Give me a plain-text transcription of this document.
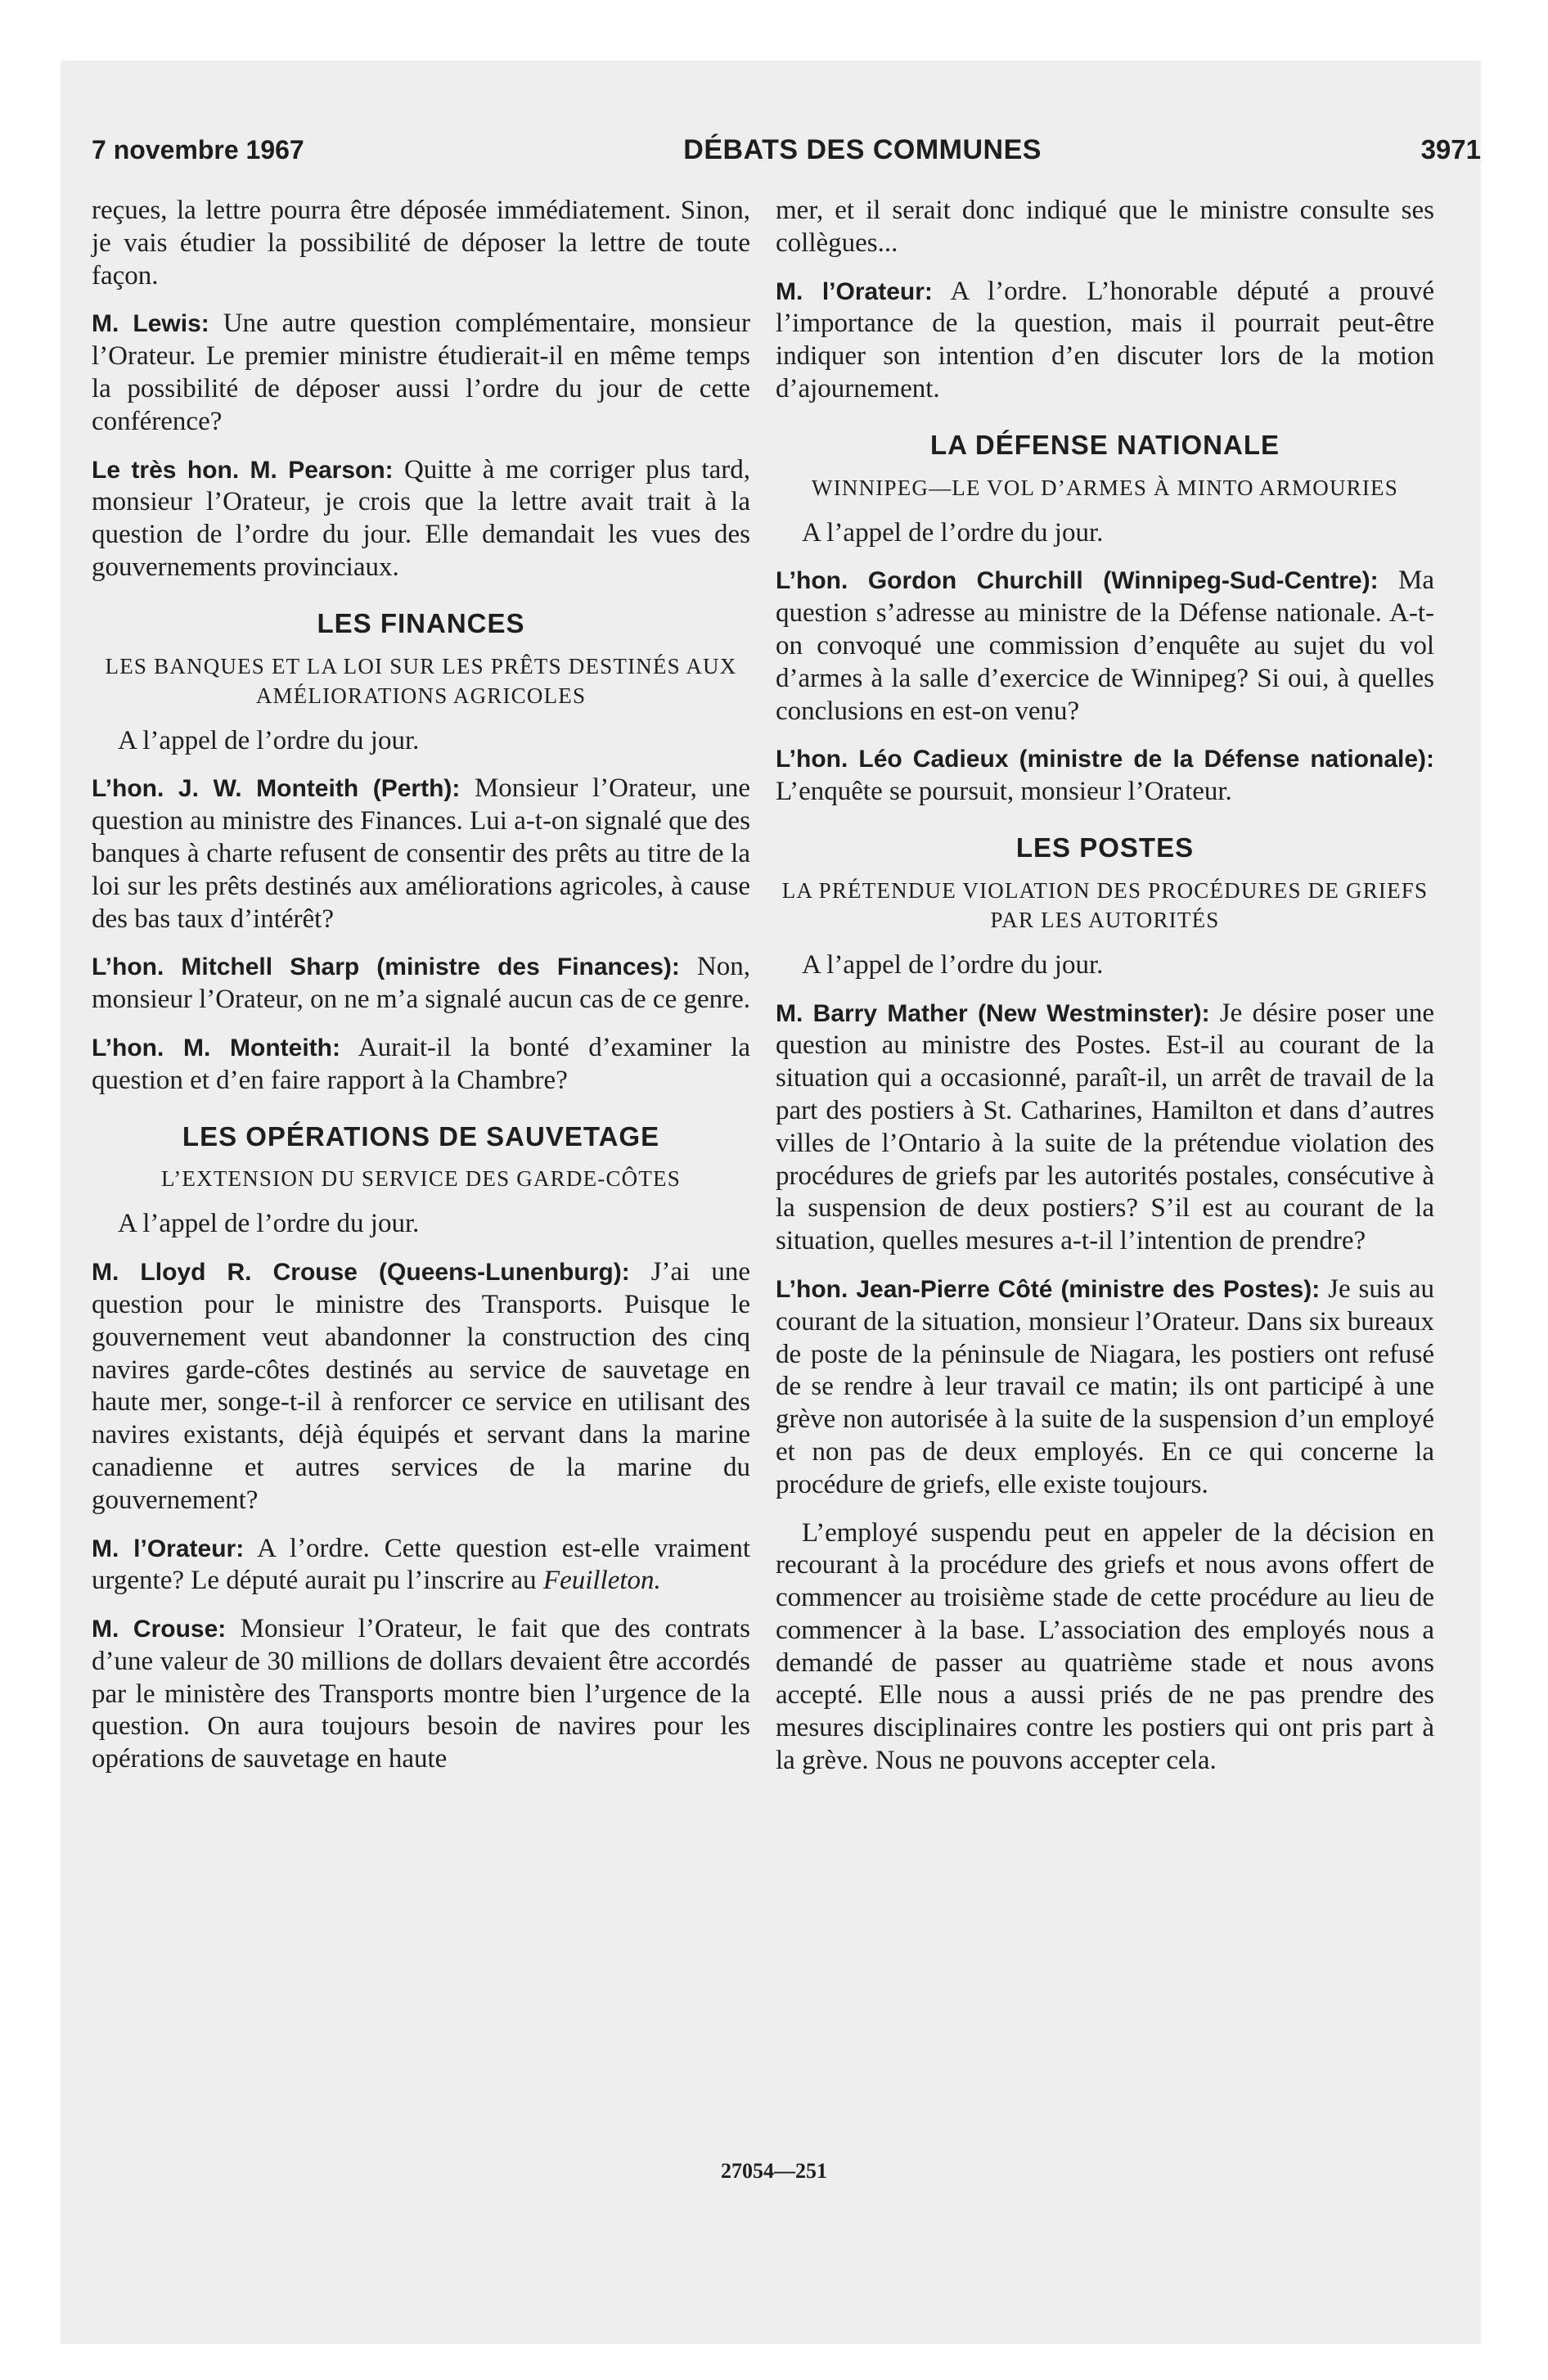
7 novembre 1967	DÉBATS DES COMMUNES	3971

reçues, la lettre pourra être déposée immédiatement. Sinon, je vais étudier la possibilité de déposer la lettre de toute façon.

M. Lewis: Une autre question complémentaire, monsieur l’Orateur. Le premier ministre étudierait-il en même temps la possibilité de déposer aussi l’ordre du jour de cette conférence?

Le très hon. M. Pearson: Quitte à me corriger plus tard, monsieur l’Orateur, je crois que la lettre avait trait à la question de l’ordre du jour. Elle demandait les vues des gouvernements provinciaux.

LES FINANCES
LES BANQUES ET LA LOI SUR LES PRÊTS DESTINÉS AUX AMÉLIORATIONS AGRICOLES

A l’appel de l’ordre du jour.

L’hon. J. W. Monteith (Perth): Monsieur l’Orateur, une question au ministre des Finances. Lui a-t-on signalé que des banques à charte refusent de consentir des prêts au titre de la loi sur les prêts destinés aux améliorations agricoles, à cause des bas taux d’intérêt?

L’hon. Mitchell Sharp (ministre des Finances): Non, monsieur l’Orateur, on ne m’a signalé aucun cas de ce genre.

L’hon. M. Monteith: Aurait-il la bonté d’examiner la question et d’en faire rapport à la Chambre?

LES OPÉRATIONS DE SAUVETAGE
L’EXTENSION DU SERVICE DES GARDE-CÔTES

A l’appel de l’ordre du jour.

M. Lloyd R. Crouse (Queens-Lunenburg): J’ai une question pour le ministre des Transports. Puisque le gouvernement veut abandonner la construction des cinq navires garde-côtes destinés au service de sauvetage en haute mer, songe-t-il à renforcer ce service en utilisant des navires existants, déjà équipés et servant dans la marine canadienne et autres services de la marine du gouvernement?

M. l’Orateur: A l’ordre. Cette question est-elle vraiment urgente? Le député aurait pu l’inscrire au Feuilleton.

M. Crouse: Monsieur l’Orateur, le fait que des contrats d’une valeur de 30 millions de dollars devaient être accordés par le ministère des Transports montre bien l’urgence de la question. On aura toujours besoin de navires pour les opérations de sauvetage en haute

mer, et il serait donc indiqué que le ministre consulte ses collègues...

M. l’Orateur: A l’ordre. L’honorable député a prouvé l’importance de la question, mais il pourrait peut-être indiquer son intention d’en discuter lors de la motion d’ajournement.

LA DÉFENSE NATIONALE
WINNIPEG—LE VOL D’ARMES À MINTO ARMOURIES

A l’appel de l’ordre du jour.

L’hon. Gordon Churchill (Winnipeg-Sud-Centre): Ma question s’adresse au ministre de la Défense nationale. A-t-on convoqué une commission d’enquête au sujet du vol d’armes à la salle d’exercice de Winnipeg? Si oui, à quelles conclusions en est-on venu?

L’hon. Léo Cadieux (ministre de la Défense nationale): L’enquête se poursuit, monsieur l’Orateur.

LES POSTES
LA PRÉTENDUE VIOLATION DES PROCÉDURES DE GRIEFS PAR LES AUTORITÉS

A l’appel de l’ordre du jour.

M. Barry Mather (New Westminster): Je désire poser une question au ministre des Postes. Est-il au courant de la situation qui a occasionné, paraît-il, un arrêt de travail de la part des postiers à St. Catharines, Hamilton et dans d’autres villes de l’Ontario à la suite de la prétendue violation des procédures de griefs par les autorités postales, consécutive à la suspension de deux postiers? S’il est au courant de la situation, quelles mesures a-t-il l’intention de prendre?

L’hon. Jean-Pierre Côté (ministre des Postes): Je suis au courant de la situation, monsieur l’Orateur. Dans six bureaux de poste de la péninsule de Niagara, les postiers ont refusé de se rendre à leur travail ce matin; ils ont participé à une grève non autorisée à la suite de la suspension d’un employé et non pas de deux employés. En ce qui concerne la procédure de griefs, elle existe toujours.

L’employé suspendu peut en appeler de la décision en recourant à la procédure des griefs et nous avons offert de commencer au troisième stade de cette procédure au lieu de commencer à la base. L’association des employés nous a demandé de passer au quatrième stade et nous avons accepté. Elle nous a aussi priés de ne pas prendre des mesures disciplinaires contre les postiers qui ont pris part à la grève. Nous ne pouvons accepter cela.

27054—251
